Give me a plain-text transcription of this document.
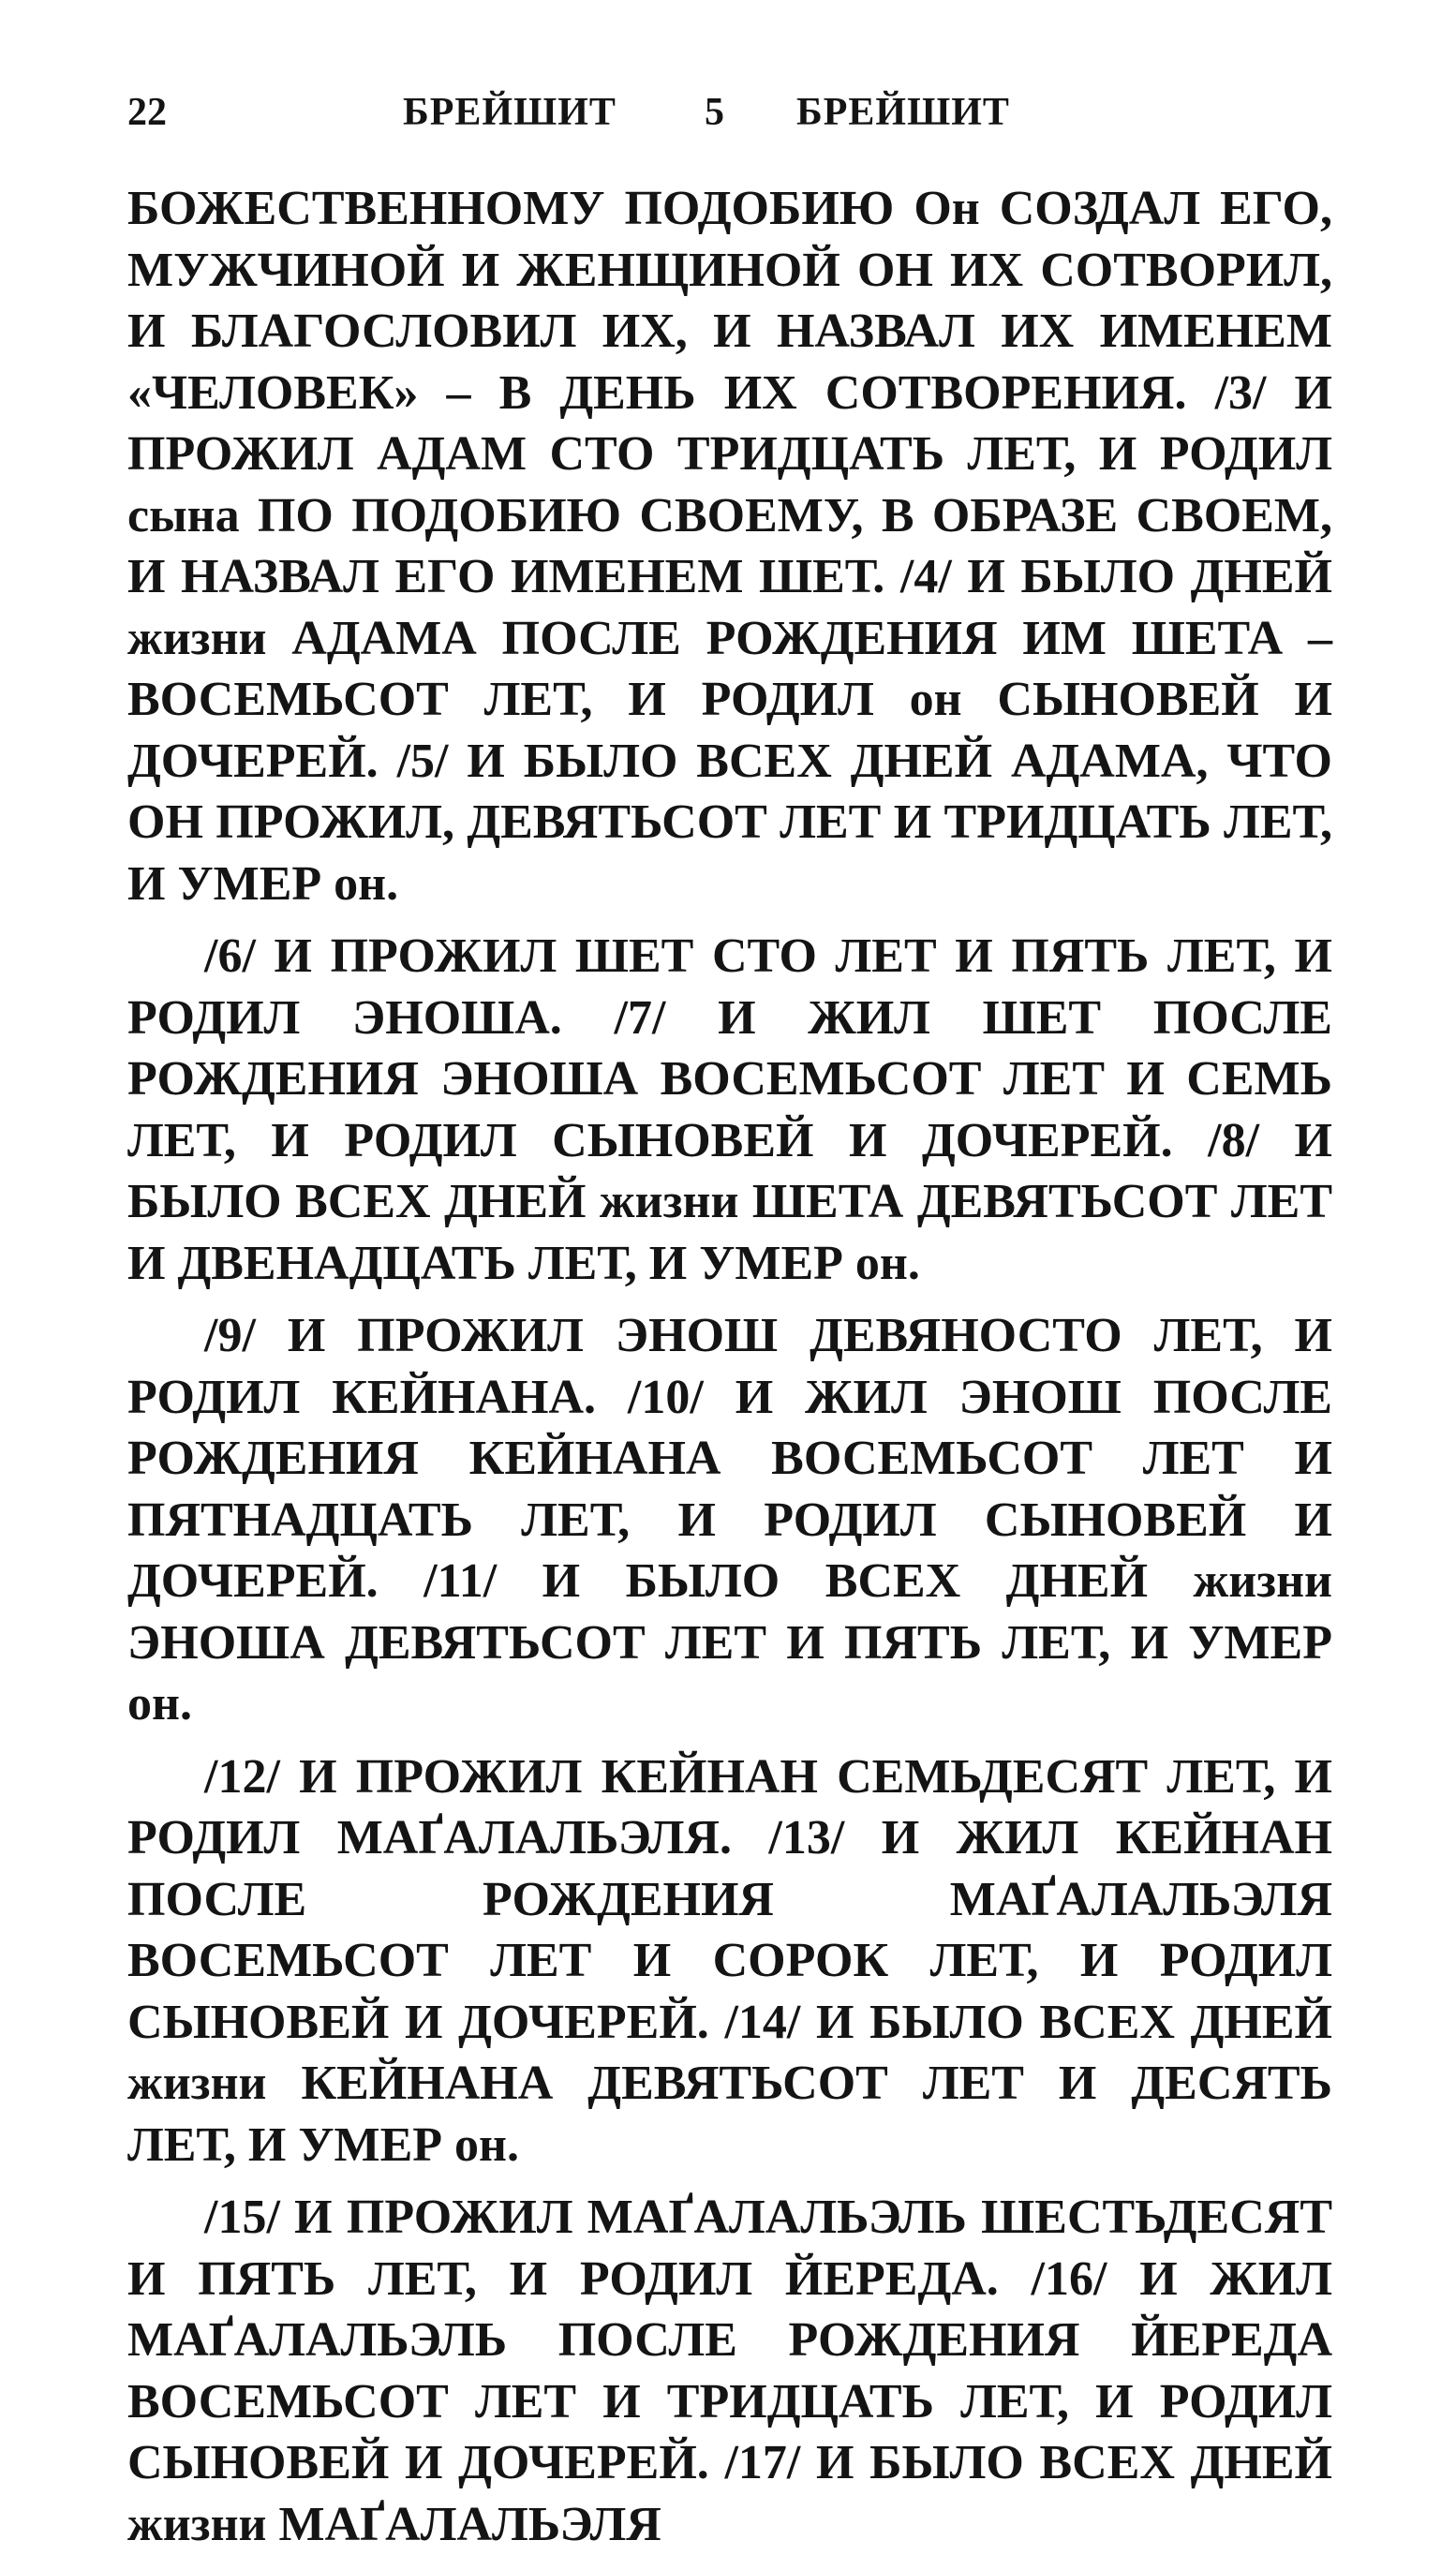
22	БРЕЙШИТ 5 БРЕЙШИТ

БОЖЕСТВЕННОМУ ПОДОБИЮ Он СОЗДАЛ ЕГО, МУЖЧИНОЙ И ЖЕНЩИНОЙ ОН ИХ СОТВОРИЛ, И БЛАГОСЛОВИЛ ИХ, И НАЗВАЛ ИХ ИМЕНЕМ «ЧЕЛОВЕК» – В ДЕНЬ ИХ СОТВОРЕНИЯ. /3/ И ПРОЖИЛ АДАМ СТО ТРИДЦАТЬ ЛЕТ, И РОДИЛ сына ПО ПОДОБИЮ СВОЕМУ, В ОБРАЗЕ СВОЕМ, И НАЗВАЛ ЕГО ИМЕНЕМ ШЕТ. /4/ И БЫЛО ДНЕЙ жизни АДАМА ПОСЛЕ РОЖДЕНИЯ ИМ ШЕТА – ВОСЕМЬСОТ ЛЕТ, И РОДИЛ он СЫНОВЕЙ И ДОЧЕРЕЙ. /5/ И БЫЛО ВСЕХ ДНЕЙ АДАМА, ЧТО ОН ПРОЖИЛ, ДЕВЯТЬСОТ ЛЕТ И ТРИДЦАТЬ ЛЕТ, И УМЕР он.

/6/ И ПРОЖИЛ ШЕТ СТО ЛЕТ И ПЯТЬ ЛЕТ, И РОДИЛ ЭНОША. /7/ И ЖИЛ ШЕТ ПОСЛЕ РОЖДЕНИЯ ЭНОША ВОСЕМЬСОТ ЛЕТ И СЕМЬ ЛЕТ, И РОДИЛ СЫНОВЕЙ И ДОЧЕРЕЙ. /8/ И БЫЛО ВСЕХ ДНЕЙ жизни ШЕТА ДЕВЯТЬСОТ ЛЕТ И ДВЕНАДЦАТЬ ЛЕТ, И УМЕР он.

/9/ И ПРОЖИЛ ЭНОШ ДЕВЯНОСТО ЛЕТ, И РОДИЛ КЕЙНАНА. /10/ И ЖИЛ ЭНОШ ПОСЛЕ РОЖДЕНИЯ КЕЙНАНА ВОСЕМЬСОТ ЛЕТ И ПЯТНАДЦАТЬ ЛЕТ, И РОДИЛ СЫНОВЕЙ И ДОЧЕРЕЙ. /11/ И БЫЛО ВСЕХ ДНЕЙ жизни ЭНОША ДЕВЯТЬСОТ ЛЕТ И ПЯТЬ ЛЕТ, И УМЕР он.

/12/ И ПРОЖИЛ КЕЙНАН СЕМЬДЕСЯТ ЛЕТ, И РОДИЛ МАҐАЛАЛЬЭЛЯ. /13/ И ЖИЛ КЕЙНАН ПОСЛЕ РОЖДЕНИЯ МАҐАЛАЛЬЭЛЯ ВОСЕМЬСОТ ЛЕТ И СОРОК ЛЕТ, И РОДИЛ СЫНОВЕЙ И ДОЧЕРЕЙ. /14/ И БЫЛО ВСЕХ ДНЕЙ жизни КЕЙНАНА ДЕВЯТЬСОТ ЛЕТ И ДЕСЯТЬ ЛЕТ, И УМЕР он.

/15/ И ПРОЖИЛ МАҐАЛАЛЬЭЛЬ ШЕСТЬДЕСЯТ И ПЯТЬ ЛЕТ, И РОДИЛ ЙЕРЕДА. /16/ И ЖИЛ МАҐАЛАЛЬЭЛЬ ПОСЛЕ РОЖДЕНИЯ ЙЕРЕДА ВОСЕМЬСОТ ЛЕТ И ТРИДЦАТЬ ЛЕТ, И РОДИЛ СЫНОВЕЙ И ДОЧЕРЕЙ. /17/ И БЫЛО ВСЕХ ДНЕЙ жизни МАҐАЛАЛЬЭЛЯ
